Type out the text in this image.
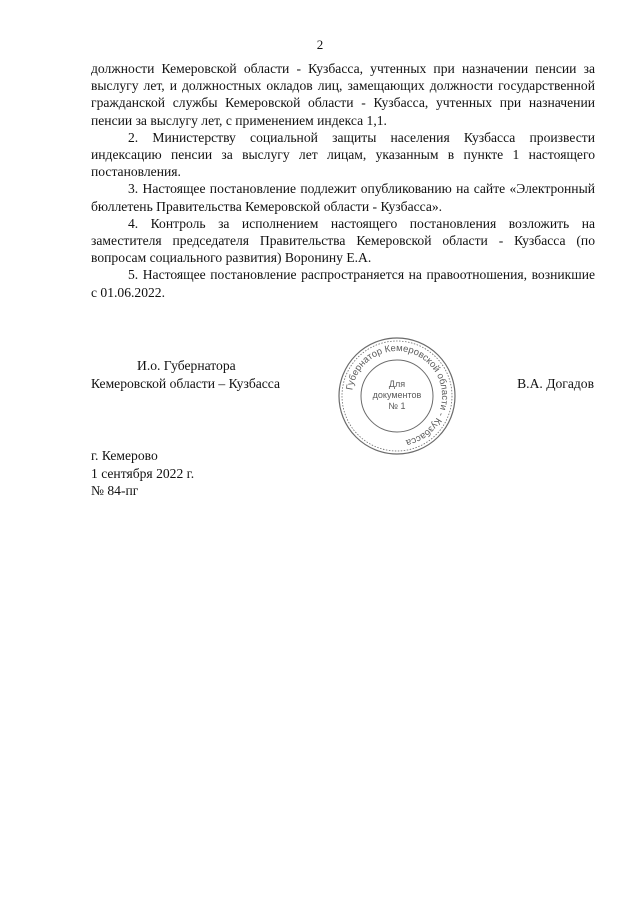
2

должности Кемеровской области - Кузбасса, учтенных при назначении пенсии за выслугу лет, и должностных окладов лиц, замещающих должности государственной гражданской службы Кемеровской области - Кузбасса, учтенных при назначении пенсии за выслугу лет, с применением индекса 1,1.

2. Министерству социальной защиты населения Кузбасса произвести индексацию пенсии за выслугу лет лицам, указанным в пункте 1 настоящего постановления.

3. Настоящее постановление подлежит опубликованию на сайте «Электронный бюллетень Правительства Кемеровской области - Кузбасса».

4. Контроль за исполнением настоящего постановления возложить на заместителя председателя Правительства Кемеровской области - Кузбасса (по вопросам социального развития) Воронину Е.А.

5. Настоящее постановление распространяется на правоотношения, возникшие с 01.06.2022.

И.о. Губернатора
Кемеровской области – Кузбасса	Губернатор Кемеровской области - Кузбасса
Для
документов
№ 1
В.А. Догадов
г. Кемерово
1 сентября 2022 г.
№ 84-пг
